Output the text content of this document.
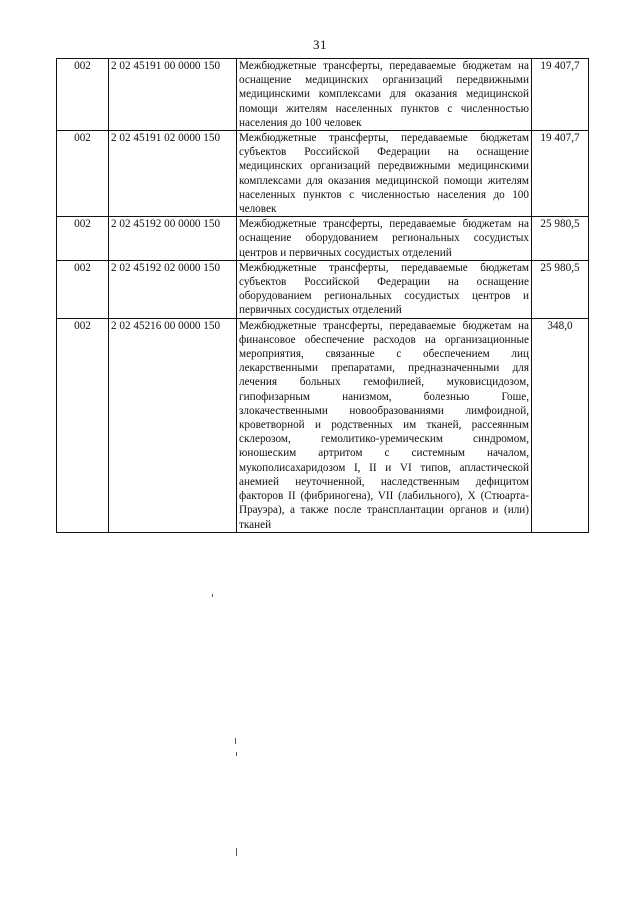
31
002	2 02 45191 00 0000 150	Межбюджетные трансферты, передаваемые бюджетам на оснащение медицинских организаций передвижными медицинскими комплексами для оказания медицинской помощи жителям населенных пунктов с численностью населения до 100 человек	19 407,7
002	2 02 45191 02 0000 150	Межбюджетные трансферты, передаваемые бюджетам субъектов Российской Федерации на оснащение медицинских организаций передвижными медицинскими комплексами для оказания медицинской помощи жителям населенных пунктов с численностью населения до 100 человек	19 407,7
002	2 02 45192 00 0000 150	Межбюджетные трансферты, передаваемые бюджетам на оснащение оборудованием региональных сосудистых центров и первичных сосудистых отделений	25 980,5
002	2 02 45192 02 0000 150	Межбюджетные трансферты, передаваемые бюджетам субъектов Российской Федерации на оснащение оборудованием региональных сосудистых центров и первичных сосудистых отделений	25 980,5
002	2 02 45216 00 0000 150	Межбюджетные трансферты, передаваемые бюджетам на финансовое обеспечение расходов на организационные мероприятия, связанные с обеспечением лиц лекарственными препаратами, предназначенными для лечения больных гемофилией, муковисцидозом, гипофизарным нанизмом, болезнью Гоше, злокачественными новообразованиями лимфоидной, кроветворной и родственных им тканей, рассеянным склерозом, гемолитико-уремическим синдромом, юношеским артритом с системным началом, мукополисахаридозом I, II и VI типов, апластической анемией неуточненной, наследственным дефицитом факторов II (фибриногена), VII (лабильного), X (Стюарта-Прауэра), а также после трансплантации органов и (или) тканей	348,0
